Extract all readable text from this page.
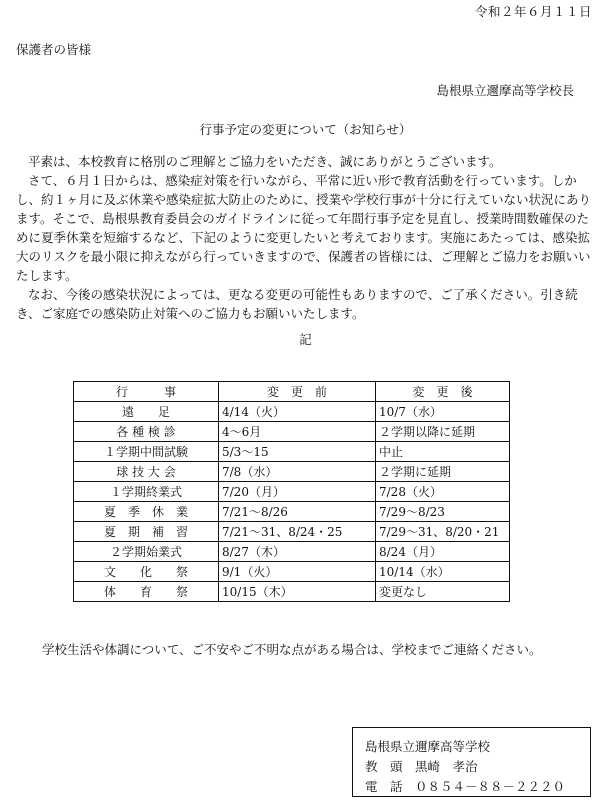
令和２年６月１１日
保護者の皆様
島根県立邇摩高等学校長
行事予定の変更について（お知らせ）

平素は、本校教育に格別のご理解とご協力をいただき、誠にありがとうございます。

さて、６月１日からは、感染症対策を行いながら、平常に近い形で教育活動を行っています。しかし、約１ヶ月に及ぶ休業や感染症拡大防止のために、授業や学校行事が十分に行えていない状況にあります。そこで、島根県教育委員会のガイドラインに従って年間行事予定を見直し、授業時間数確保のために夏季休業を短縮するなど、下記のように変更したいと考えております。実施にあたっては、感染拡大のリスクを最小限に抑えながら行っていきますので、保護者の皆様には、ご理解とご協力をお願いいたします。

なお、今後の感染状況によっては、更なる変更の可能性もありますので、ご了承ください。引き続き、ご家庭での感染防止対策へのご協力もお願いいたします。

記
行　　　事	変　更　前	変　更　後
遠　　足	4/14（火）	10/7（水）
各 種 検 診	4～6月	２学期以降に延期
１学期中間試験	5/3～15	中止
球 技 大 会	7/8（水）	２学期に延期
１学期終業式	7/20（月）	7/28（火）
夏　季　休　業	7/21～8/26	7/29～8/23
夏　期　補　習	7/21～31、8/24・25	7/29～31、8/20・21
２学期始業式	8/27（木）	8/24（月）
文　　化　　祭	9/1（火）	10/14（水）
体　　育　　祭	10/15（木）	変更なし
学校生活や体調について、ご不安やご不明な点がある場合は、学校までご連絡ください。
島根県立邇摩高等学校
教　頭　黒崎　孝治
電　話　０８５４－８８－２２２０
